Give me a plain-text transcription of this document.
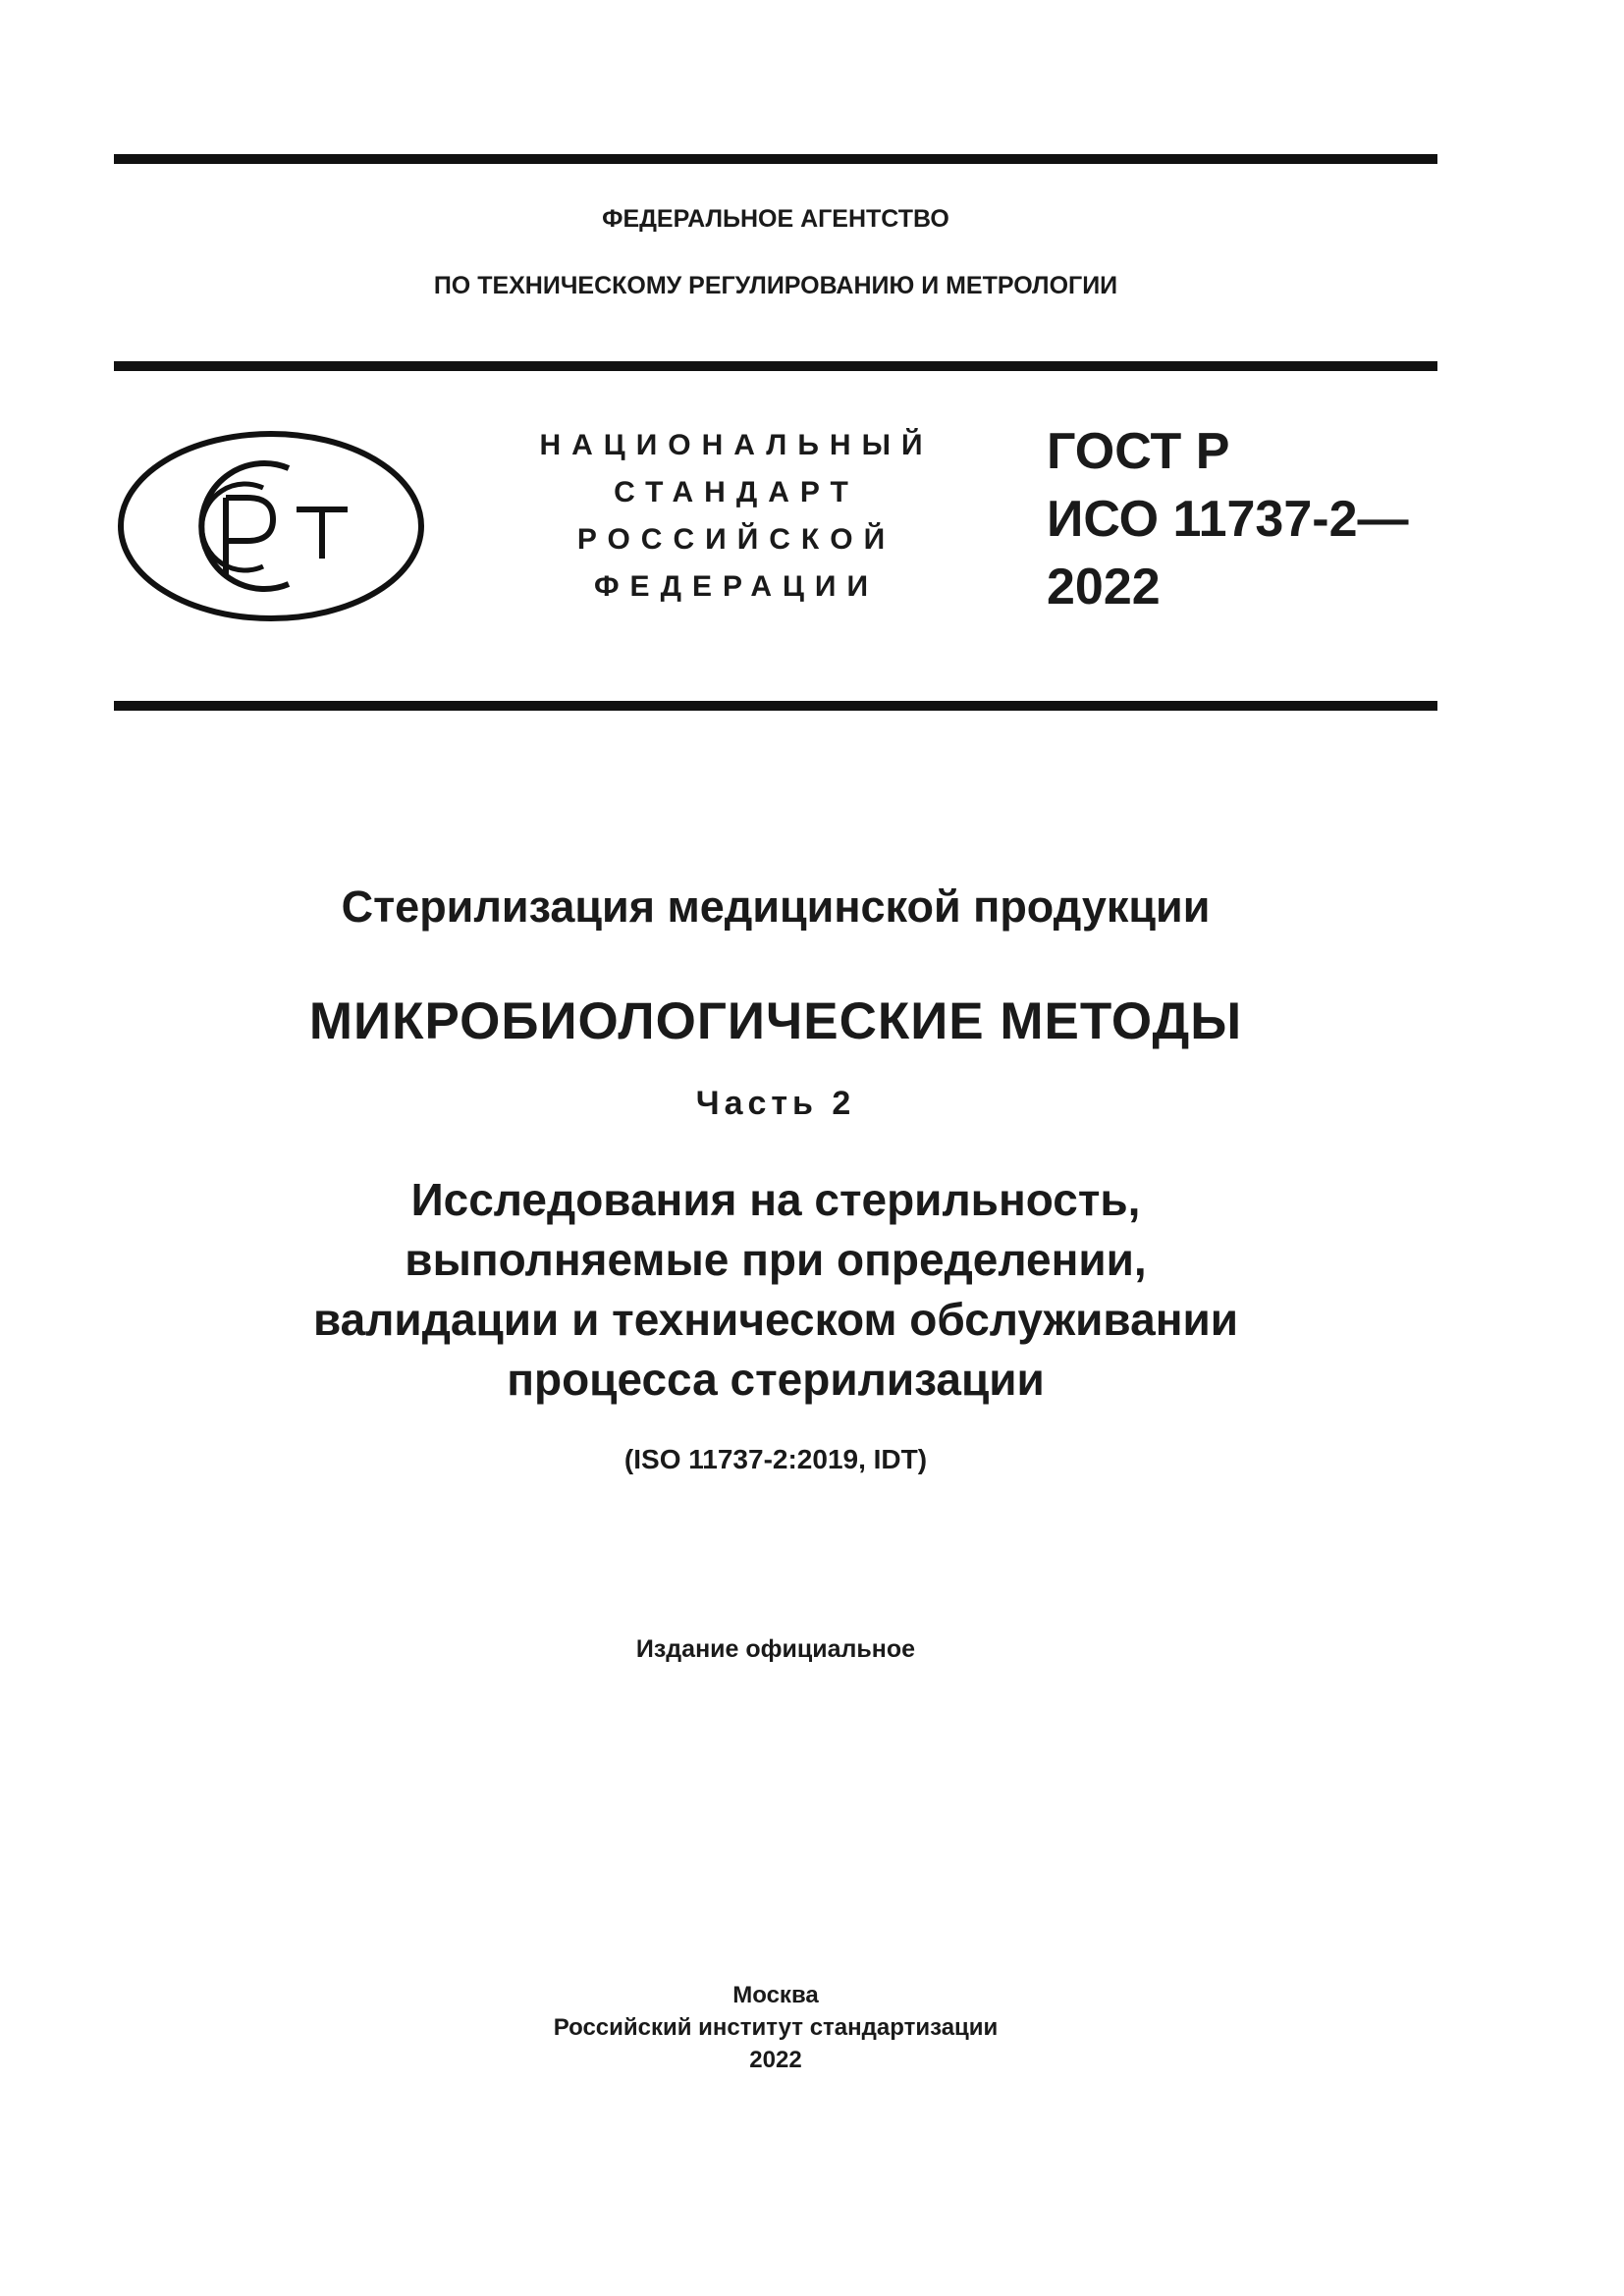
ФЕДЕРАЛЬНОЕ АГЕНТСТВО
ПО ТЕХНИЧЕСКОМУ РЕГУЛИРОВАНИЮ И МЕТРОЛОГИИ
НАЦИОНАЛЬНЫЙ
СТАНДАРТ
РОССИЙСКОЙ
ФЕДЕРАЦИИ
ГОСТ Р
ИСО 11737-2—
2022
Стерилизация медицинской продукции
МИКРОБИОЛОГИЧЕСКИЕ МЕТОДЫ
Часть 2
Исследования на стерильность,
выполняемые при определении,
валидации и техническом обслуживании
процесса стерилизации
(ISO 11737-2:2019, IDT)
Издание официальное
Москва
Российский институт стандартизации
2022
